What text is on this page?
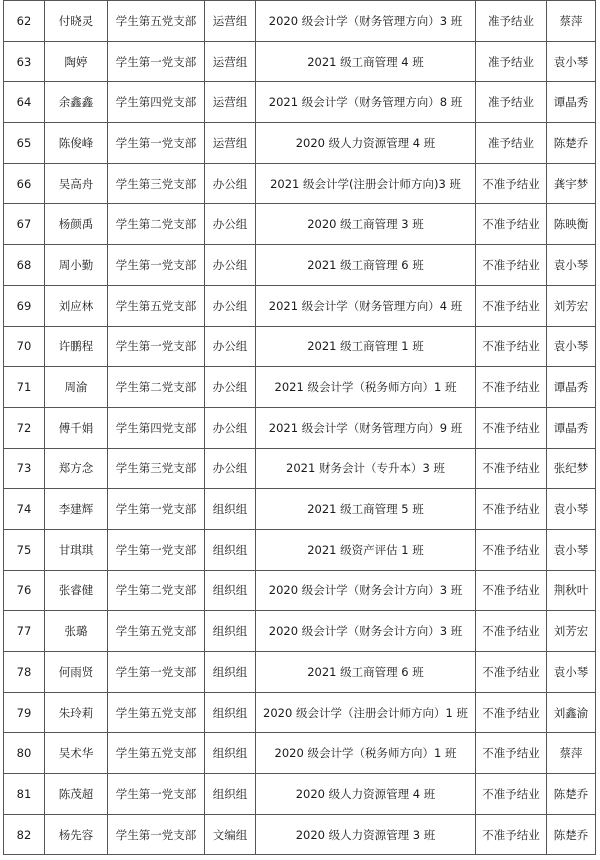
62	付晓灵	学生第五党支部	运营组	2020 级会计学（财务管理方向）3 班	准予结业	蔡萍
63	陶婷	学生第一党支部	运营组	2021 级工商管理 4 班	准予结业	袁小琴
64	余鑫鑫	学生第四党支部	运营组	2021 级会计学（财务管理方向）8 班	准予结业	谭晶秀
65	陈俊峰	学生第一党支部	运营组	2020 级人力资源管理 4 班	准予结业	陈楚乔
66	吴高舟	学生第三党支部	办公组	2021 级会计学(注册会计师方向)3 班	不准予结业	龚宇梦
67	杨颜禹	学生第二党支部	办公组	2020 级工商管理 3 班	不准予结业	陈映衡
68	周小勤	学生第一党支部	办公组	2021 级工商管理 6 班	不准予结业	袁小琴
69	刘应林	学生第五党支部	办公组	2021 级会计学（财务管理方向）4 班	不准予结业	刘芳宏
70	许鹏程	学生第一党支部	办公组	2021 级工商管理 1 班	不准予结业	袁小琴
71	周渝	学生第二党支部	办公组	2021 级会计学（税务师方向）1 班	不准予结业	谭晶秀
72	傅千娟	学生第四党支部	办公组	2021 级会计学（财务管理方向）9 班	不准予结业	谭晶秀
73	郑方念	学生第三党支部	办公组	2021 财务会计（专升本）3 班	不准予结业	张纪梦
74	李建辉	学生第一党支部	组织组	2021 级工商管理 5 班	不准予结业	袁小琴
75	甘琪琪	学生第一党支部	组织组	2021 级资产评估 1 班	不准予结业	袁小琴
76	张睿健	学生第二党支部	组织组	2020 级会计学（财务会计方向）3 班	不准予结业	荆秋叶
77	张璐	学生第五党支部	组织组	2020 级会计学（财务会计方向）3 班	不准予结业	刘芳宏
78	何雨贤	学生第一党支部	组织组	2021 级工商管理 6 班	不准予结业	袁小琴
79	朱玲莉	学生第五党支部	组织组	2020 级会计学（注册会计师方向）1 班	不准予结业	刘鑫渝
80	吴术华	学生第五党支部	组织组	2020 级会计学（税务师方向）1 班	不准予结业	蔡萍
81	陈茂超	学生第一党支部	组织组	2020 级人力资源管理 4 班	不准予结业	陈楚乔
82	杨先容	学生第一党支部	文编组	2020 级人力资源管理 3 班	不准予结业	陈楚乔
